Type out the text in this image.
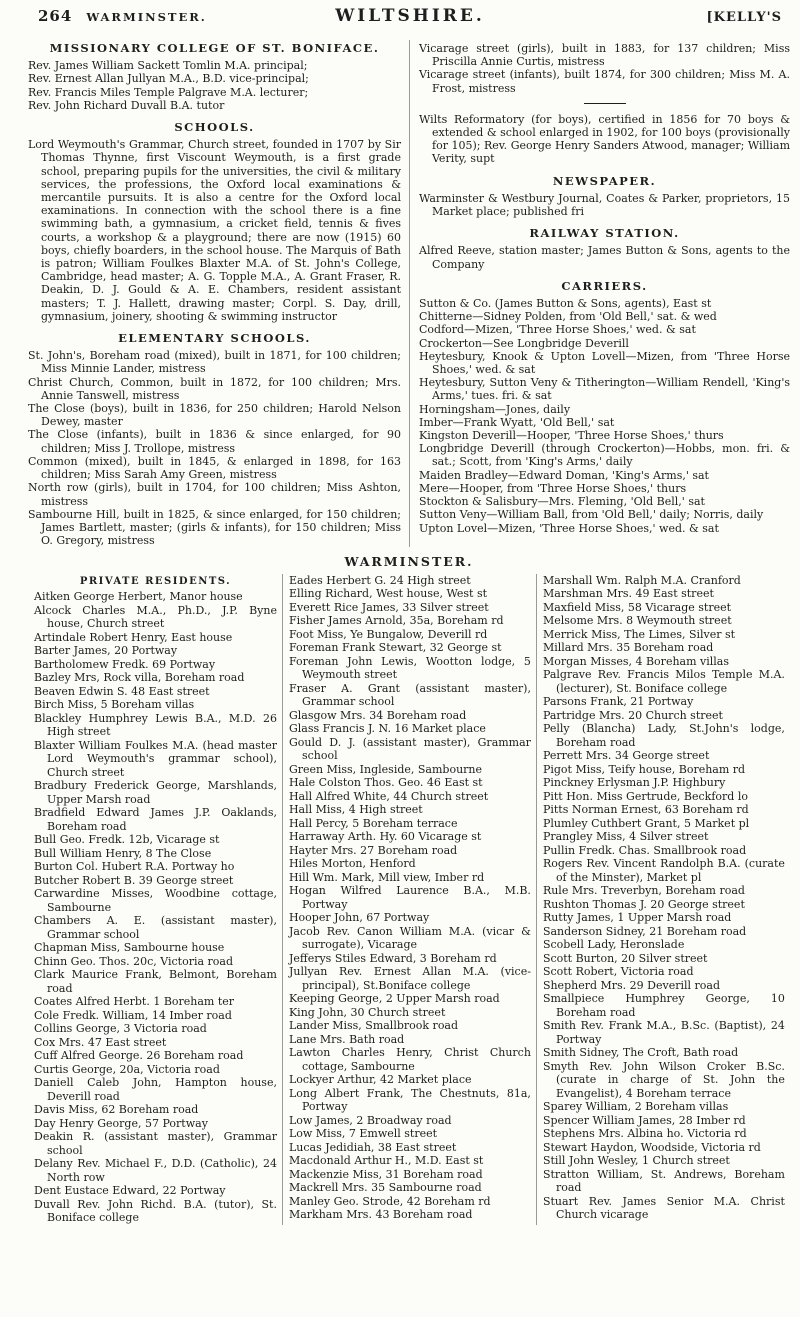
264 WARMINSTER.	WILTSHIRE.	[KELLY'S
MISSIONARY COLLEGE OF ST. BONIFACE.
Rev. James William Sackett Tomlin M.A. principal;
Rev. Ernest Allan Jullyan M.A., B.D. vice-principal;
Rev. Francis Miles Temple Palgrave M.A. lecturer;
Rev. John Richard Duvall B.A. tutor
SCHOOLS.

Lord Weymouth's Grammar, Church street, founded in 1707 by Sir Thomas Thynne, first Viscount Weymouth, is a first grade school, preparing pupils for the universities, the civil & military services, the professions, the Oxford local examinations & mercantile pursuits. It is also a centre for the Oxford local examinations. In connection with the school there is a fine swimming bath, a gymnasium, a cricket field, tennis & fives courts, a workshop & a playground; there are now (1915) 60 boys, chiefly boarders, in the school house. The Marquis of Bath is patron; William Foulkes Blaxter M.A. of St. John's College, Cambridge, head master; A. G. Topple M.A., A. Grant Fraser, R. Deakin, D. J. Gould & A. E. Chambers, resident assistant masters; T. J. Hallett, drawing master; Corpl. S. Day, drill, gymnasium, joinery, shooting & swimming instructor

ELEMENTARY SCHOOLS.
St. John's, Boreham road (mixed), built in 1871, for 100 children; Miss Minnie Lander, mistress
Christ Church, Common, built in 1872, for 100 children; Mrs. Annie Tanswell, mistress
The Close (boys), built in 1836, for 250 children; Harold Nelson Dewey, master
The Close (infants), built in 1836 & since enlarged, for 90 children; Miss J. Trollope, mistress
Common (mixed), built in 1845, & enlarged in 1898, for 163 children; Miss Sarah Amy Green, mistress
North row (girls), built in 1704, for 100 children; Miss Ashton, mistress
Sambourne Hill, built in 1825, & since enlarged, for 150 children; James Bartlett, master; (girls & infants), for 150 children; Miss O. Gregory, mistress
Vicarage street (girls), built in 1883, for 137 children; Miss Priscilla Annie Curtis, mistress
Vicarage street (infants), built 1874, for 300 children; Miss M. A. Frost, mistress

Wilts Reformatory (for boys), certified in 1856 for 70 boys & extended & school enlarged in 1902, for 100 boys (provisionally for 105); Rev. George Henry Sanders Atwood, manager; William Verity, supt

NEWSPAPER.

Warminster & Westbury Journal, Coates & Parker, proprietors, 15 Market place; published fri

RAILWAY STATION.

Alfred Reeve, station master; James Button & Sons, agents to the Company

CARRIERS.
Sutton & Co. (James Button & Sons, agents), East st
Chitterne—Sidney Polden, from 'Old Bell,' sat. & wed
Codford—Mizen, 'Three Horse Shoes,' wed. & sat
Crockerton—See Longbridge Deverill
Heytesbury, Knook & Upton Lovell—Mizen, from 'Three Horse Shoes,' wed. & sat
Heytesbury, Sutton Veny & Titherington—William Rendell, 'King's Arms,' tues. fri. & sat
Horningsham—Jones, daily
Imber—Frank Wyatt, 'Old Bell,' sat
Kingston Deverill—Hooper, 'Three Horse Shoes,' thurs
Longbridge Deverill (through Crockerton)—Hobbs, mon. fri. & sat.; Scott, from 'King's Arms,' daily
Maiden Bradley—Edward Doman, 'King's Arms,' sat
Mere—Hooper, from 'Three Horse Shoes,' thurs
Stockton & Salisbury—Mrs. Fleming, 'Old Bell,' sat
Sutton Veny—William Ball, from 'Old Bell,' daily; Norris, daily
Upton Lovel—Mizen, 'Three Horse Shoes,' wed. & sat
WARMINSTER.
PRIVATE RESIDENTS.
Aitken George Herbert, Manor house
Alcock Charles M.A., Ph.D., J.P. Byne house, Church street
Artindale Robert Henry, East house
Barter James, 20 Portway
Bartholomew Fredk. 69 Portway
Bazley Mrs, Rock villa, Boreham road
Beaven Edwin S. 48 East street
Birch Miss, 5 Boreham villas
Blackley Humphrey Lewis B.A., M.D. 26 High street
Blaxter William Foulkes M.A. (head master Lord Weymouth's grammar school), Church street
Bradbury Frederick George, Marshlands, Upper Marsh road
Bradfield Edward James J.P. Oaklands, Boreham road
Bull Geo. Fredk. 12b, Vicarage st
Bull William Henry, 8 The Close
Burton Col. Hubert R.A. Portway ho
Butcher Robert B. 39 George street
Carwardine Misses, Woodbine cottage, Sambourne
Chambers A. E. (assistant master), Grammar school
Chapman Miss, Sambourne house
Chinn Geo. Thos. 20c, Victoria road
Clark Maurice Frank, Belmont, Boreham road
Coates Alfred Herbt. 1 Boreham ter
Cole Fredk. William, 14 Imber road
Collins George, 3 Victoria road
Cox Mrs. 47 East street
Cuff Alfred George. 26 Boreham road
Curtis George, 20a, Victoria road
Daniell Caleb John, Hampton house, Deverill road
Davis Miss, 62 Boreham road
Day Henry George, 57 Portway
Deakin R. (assistant master), Grammar school
Delany Rev. Michael F., D.D. (Catholic), 24 North row
Dent Eustace Edward, 22 Portway
Duvall Rev. John Richd. B.A. (tutor), St. Boniface college
Eades Herbert G. 24 High street
Elling Richard, West house, West st
Everett Rice James, 33 Silver street
Fisher James Arnold, 35a, Boreham rd
Foot Miss, Ye Bungalow, Deverill rd
Foreman Frank Stewart, 32 George st
Foreman John Lewis, Wootton lodge, 5 Weymouth street
Fraser A. Grant (assistant master), Grammar school
Glasgow Mrs. 34 Boreham road
Glass Francis J. N. 16 Market place
Gould D. J. (assistant master), Grammar school
Green Miss, Ingleside, Sambourne
Hale Colston Thos. Geo. 46 East st
Hall Alfred White, 44 Church street
Hall Miss, 4 High street
Hall Percy, 5 Boreham terrace
Harraway Arth. Hy. 60 Vicarage st
Hayter Mrs. 27 Boreham road
Hiles Morton, Henford
Hill Wm. Mark, Mill view, Imber rd
Hogan Wilfred Laurence B.A., M.B. Portway
Hooper John, 67 Portway
Jacob Rev. Canon William M.A. (vicar & surrogate), Vicarage
Jefferys Stiles Edward, 3 Boreham rd
Jullyan Rev. Ernest Allan M.A. (vice-principal), St.Boniface college
Keeping George, 2 Upper Marsh road
King John, 30 Church street
Lander Miss, Smallbrook road
Lane Mrs. Bath road
Lawton Charles Henry, Christ Church cottage, Sambourne
Lockyer Arthur, 42 Market place
Long Albert Frank, The Chestnuts, 81a, Portway
Low James, 2 Broadway road
Low Miss, 7 Emwell street
Lucas Jedidiah, 38 East street
Macdonald Arthur H., M.D. East st
Mackenzie Miss, 31 Boreham road
Mackrell Mrs. 35 Sambourne road
Manley Geo. Strode, 42 Boreham rd
Markham Mrs. 43 Boreham road
Marshall Wm. Ralph M.A. Cranford
Marshman Mrs. 49 East street
Maxfield Miss, 58 Vicarage street
Melsome Mrs. 8 Weymouth street
Merrick Miss, The Limes, Silver st
Millard Mrs. 35 Boreham road
Morgan Misses, 4 Boreham villas
Palgrave Rev. Francis Milos Temple M.A. (lecturer), St. Boniface college
Parsons Frank, 21 Portway
Partridge Mrs. 20 Church street
Pelly (Blancha) Lady, St.John's lodge, Boreham road
Perrett Mrs. 34 George street
Pigot Miss, Teify house, Boreham rd
Pinckney Erlysman J.P. Highbury
Pitt Hon. Miss Gertrude, Beckford lo
Pitts Norman Ernest, 63 Boreham rd
Plumley Cuthbert Grant, 5 Market pl
Prangley Miss, 4 Silver street
Pullin Fredk. Chas. Smallbrook road
Rogers Rev. Vincent Randolph B.A. (curate of the Minster), Market pl
Rule Mrs. Treverbyn, Boreham road
Rushton Thomas J. 20 George street
Rutty James, 1 Upper Marsh road
Sanderson Sidney, 21 Boreham road
Scobell Lady, Heronslade
Scott Burton, 20 Silver street
Scott Robert, Victoria road
Shepherd Mrs. 29 Deverill road
Smallpiece Humphrey George, 10 Boreham road
Smith Rev. Frank M.A., B.Sc. (Baptist), 24 Portway
Smith Sidney, The Croft, Bath road
Smyth Rev. John Wilson Croker B.Sc. (curate in charge of St. John the Evangelist), 4 Boreham terrace
Sparey William, 2 Boreham villas
Spencer William James, 28 Imber rd
Stephens Mrs. Albina ho. Victoria rd
Stewart Haydon, Woodside, Victoria rd
Still John Wesley, 1 Church street
Stratton William, St. Andrews, Boreham road
Stuart Rev. James Senior M.A. Christ Church vicarage
